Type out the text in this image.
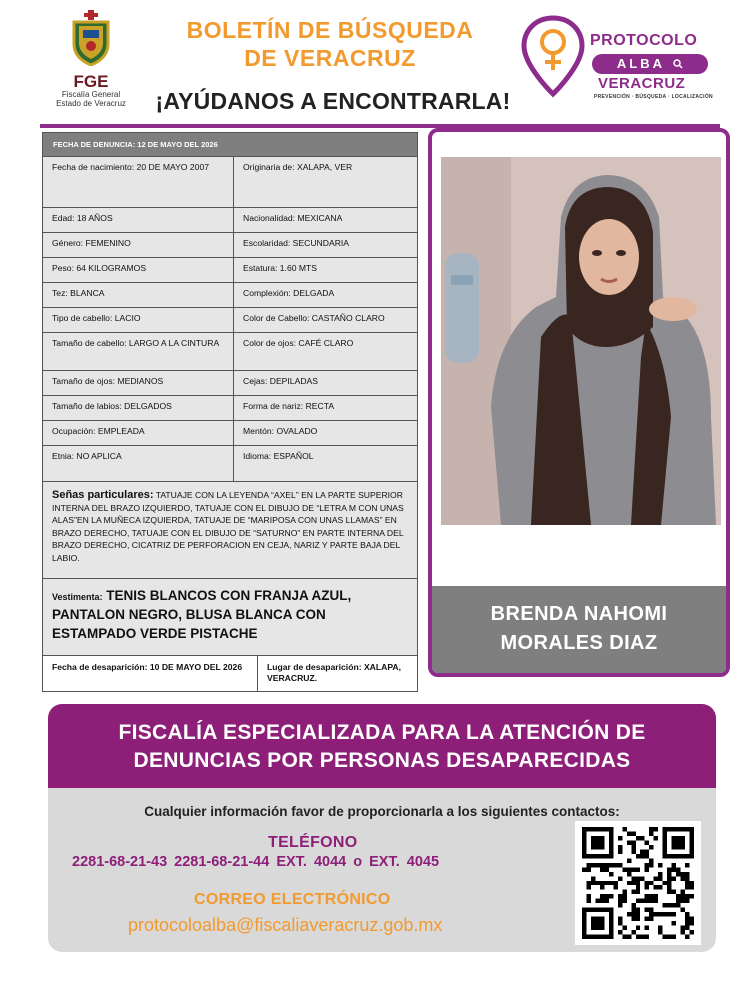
FGE
Fiscalía General
Estado de Veracruz
BOLETÍN DE BÚSQUEDA
DE VERACRUZ
¡AYÚDANOS A ENCONTRARLA!
PROTOCOLO
ALBA
VERACRUZ
PREVENCIÓN · BÚSQUEDA · LOCALIZACIÓN
FECHA DE DENUNCIA: 12 DE MAYO DEL 2026
Fecha de nacimiento: 20 DE MAYO 2007	Originaria de: XALAPA, VER
Edad: 18 AÑOS	Nacionalidad: MEXICANA
Género: FEMENINO	Escolaridad: SECUNDARIA
Peso: 64 KILOGRAMOS	Estatura: 1.60 MTS
Tez: BLANCA	Complexión: DELGADA
Tipo de cabello: LACIO	Color de Cabello: CASTAÑO CLARO
Tamaño de cabello: LARGO A LA CINTURA	Color de ojos: CAFÉ CLARO
Tamaño de ojos: MEDIANOS	Cejas: DEPILADAS
Tamaño de labios: DELGADOS	Forma de nariz: RECTA
Ocupación: EMPLEADA	Mentón: OVALADO
Etnia: NO APLICA	Idioma: ESPAÑOL
Señas particulares: TATUAJE CON LA LEYENDA “AXEL” EN LA PARTE SUPERIOR INTERNA DEL BRAZO IZQUIERDO, TATUAJE CON EL DIBUJO DE “LETRA M CON UNAS ALAS”EN LA MUÑECA IZQUIERDA, TATUAJE DE “MARIPOSA CON UNAS LLAMAS” EN BRAZO DERECHO, TATUAJE CON EL DIBUJO DE “SATURNO” EN PARTE INTERNA DEL BRAZO DERECHO, CICATRIZ DE PERFORACION EN CEJA, NARIZ Y PARTE BAJA DEL LABIO.
Vestimenta: TENIS BLANCOS CON FRANJA AZUL, PANTALON NEGRO, BLUSA BLANCA CON ESTAMPADO VERDE PISTACHE
Fecha de desaparición: 10 DE MAYO DEL 2026	Lugar de desaparición: XALAPA, VERACRUZ.
BRENDA NAHOMI
MORALES DIAZ
FISCALÍA ESPECIALIZADA PARA LA ATENCIÓN DE
DENUNCIAS POR PERSONAS DESAPARECIDAS
Cualquier información favor de proporcionarla a los siguientes contactos:
TELÉFONO
2281-68-21-43 2281-68-21-44 EXT. 4044 o EXT. 4045
CORREO ELECTRÓNICO
protocoloalba@fiscaliaveracruz.gob.mx
